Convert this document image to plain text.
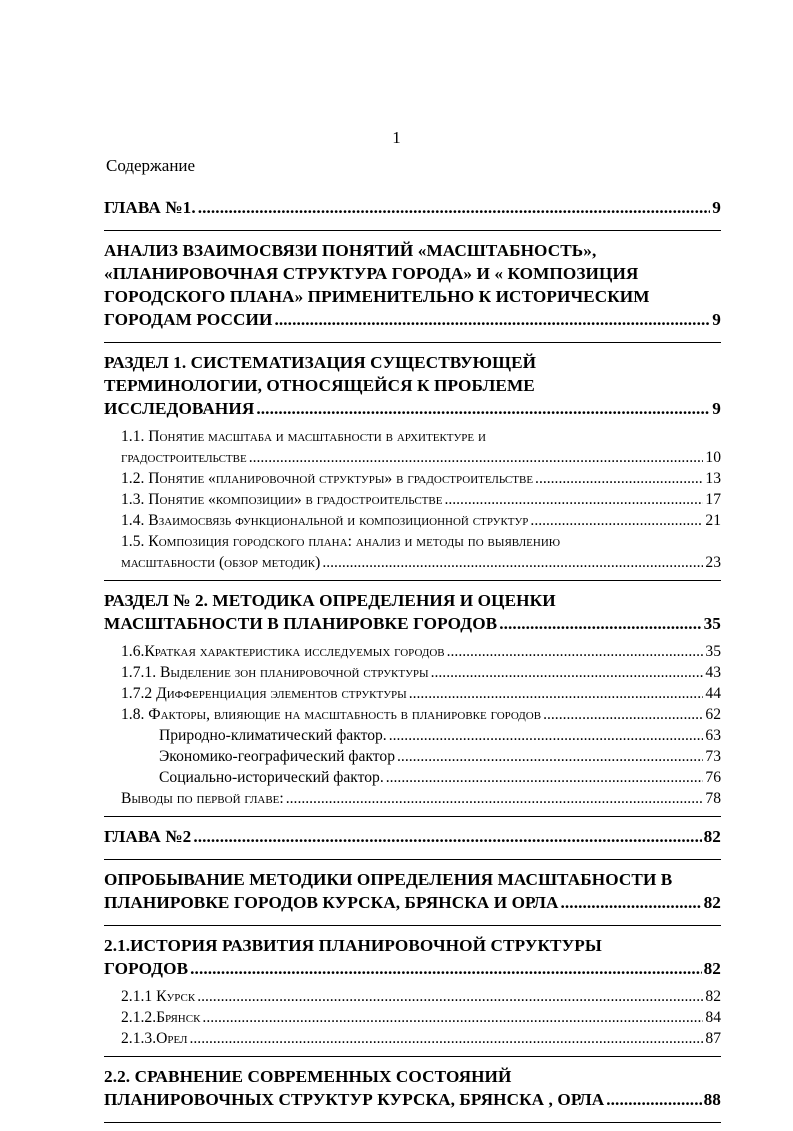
1
Содержание
ГЛАВА №1. .....	9
АНАЛИЗ ВЗАИМОСВЯЗИ ПОНЯТИЙ «МАСШТАБНОСТЬ»,
«ПЛАНИРОВОЧНАЯ СТРУКТУРА ГОРОДА» И « КОМПОЗИЦИЯ
ГОРОДСКОГО ПЛАНА» ПРИМЕНИТЕЛЬНО К ИСТОРИЧЕСКИМ
ГОРОДАМ РОССИИ .....	9
РАЗДЕЛ 1. СИСТЕМАТИЗАЦИЯ СУЩЕСТВУЮЩЕЙ
ТЕРМИНОЛОГИИ, ОТНОСЯЩЕЙСЯ К ПРОБЛЕМЕ
ИССЛЕДОВАНИЯ .....	9
1.1. Понятие масштаба и масштабности в архитектуре и
градостроительстве .....	10
1.2. Понятие «планировочной структуры» в градостроительстве .....	13
1.3. Понятие «композиции» в градостроительстве .....	17
1.4. Взаимосвязь функциональной и композиционной структур .....	21
1.5. Композиция городского плана: анализ и методы по выявлению
масштабности (обзор методик) .....	23
РАЗДЕЛ № 2. МЕТОДИКА ОПРЕДЕЛЕНИЯ И ОЦЕНКИ
МАСШТАБНОСТИ В ПЛАНИРОВКЕ ГОРОДОВ .....	35
1.6.Краткая характеристика исследуемых городов .....	35
1.7.1. Выделение зон планировочной структуры .....	43
1.7.2 Дифференциация элементов структуры .....	44
1.8. Факторы, влияющие на масштабность в планировке городов .....	62
Природно-климатический фактор. .....	63
Экономико-географический фактор .....	73
Социально-исторический фактор. .....	76
Выводы по первой главе: .....	78
ГЛАВА №2 .....	82
ОПРОБЫВАНИЕ МЕТОДИКИ ОПРЕДЕЛЕНИЯ МАСШТАБНОСТИ В
ПЛАНИРОВКЕ ГОРОДОВ КУРСКА, БРЯНСКА И ОРЛА .....	82
2.1.ИСТОРИЯ РАЗВИТИЯ ПЛАНИРОВОЧНОЙ СТРУКТУРЫ
ГОРОДОВ .....	82
2.1.1 Курск .....	82
2.1.2.Брянск .....	84
2.1.3.Орел .....	87
2.2. СРАВНЕНИЕ СОВРЕМЕННЫХ СОСТОЯНИЙ
ПЛАНИРОВОЧНЫХ СТРУКТУР КУРСКА, БРЯНСКА , ОРЛА .....	88
